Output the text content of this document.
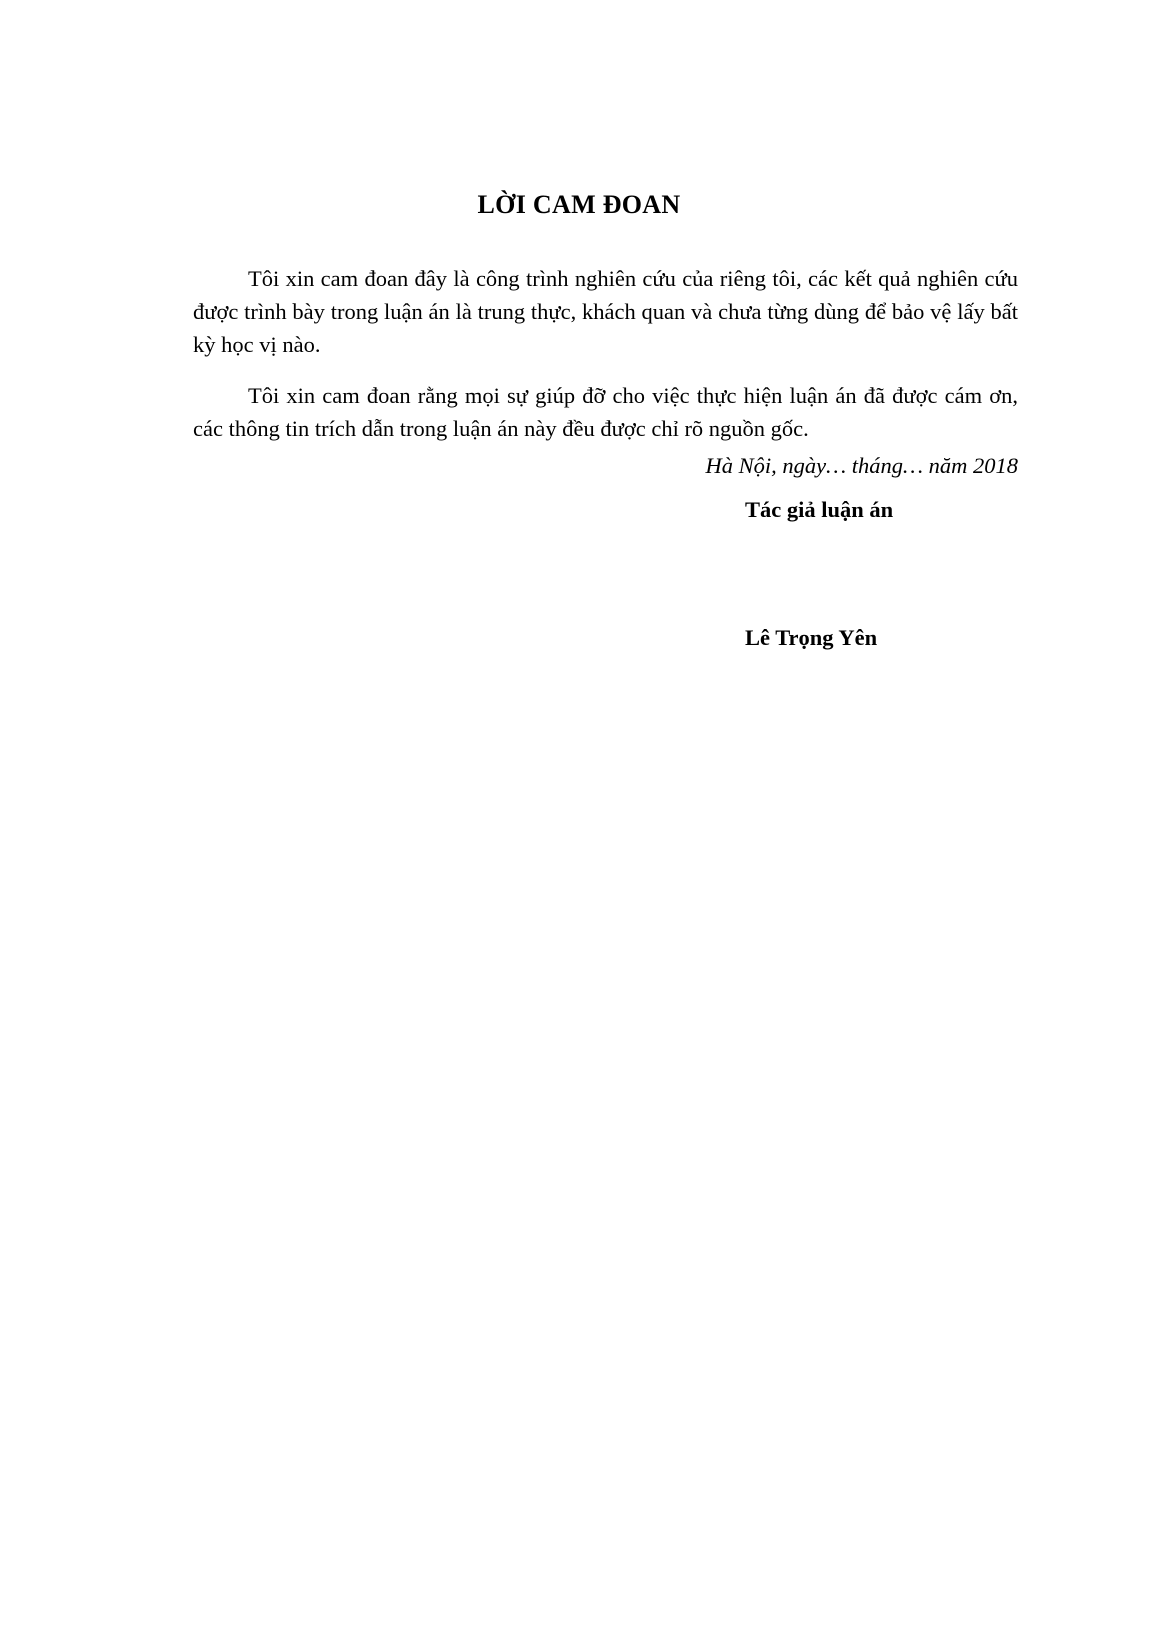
LỜI CAM ĐOAN

Tôi xin cam đoan đây là công trình nghiên cứu của riêng tôi, các kết quả nghiên cứu được trình bày trong luận án là trung thực, khách quan và chưa từng dùng để bảo vệ lấy bất kỳ học vị nào.

Tôi xin cam đoan rằng mọi sự giúp đỡ cho việc thực hiện luận án đã được cám ơn, các thông tin trích dẫn trong luận án này đều được chỉ rõ nguồn gốc.

Hà Nội, ngày… tháng… năm 2018
Tác giả luận án
Lê Trọng Yên
